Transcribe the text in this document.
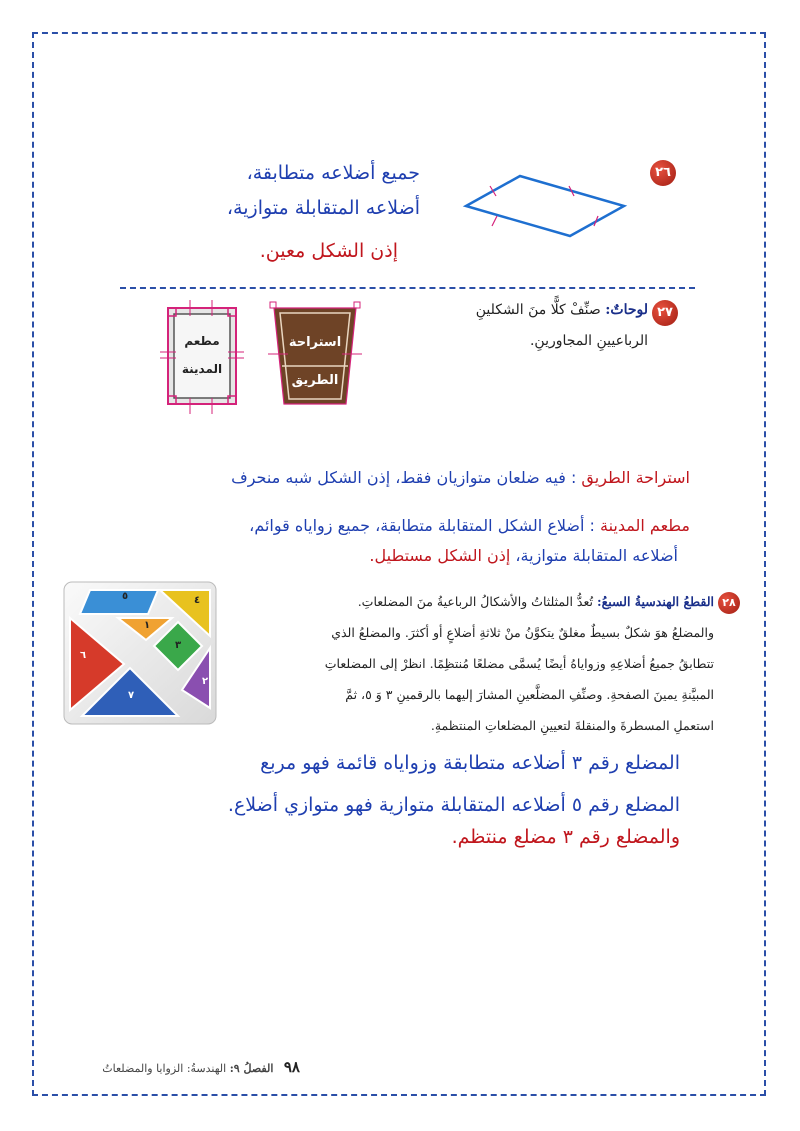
٢٦
جميع أضلاعه متطابقة،
أضلاعه المتقابلة متوازية،
إذن الشكل معين.
٢٧
لوحاتٌ: صنِّفْ كلًّا منَ الشكلينِ
الرباعيينِ المجاورينِ.
استراحة
الطريق
مطعم
المدينة
استراحة الطريق : فيه ضلعان متوازيان فقط، إذن الشكل شبه منحرف
مطعم المدينة : أضلاع الشكل المتقابلة متطابقة، جميع زواياه قوائم،
أضلاعه المتقابلة متوازية، إذن الشكل مستطيل.
٢٨
٥	٤
١
٣
٢
٦
٧
القطعُ الهندسيةُ السبعُ: تُعدُّ المثلثاتُ والأشكالُ الرباعيةُ منَ المضلعاتِ.
والمضلعُ هوَ شكلٌ بسيطٌ مغلقٌ يتكوَّنُ منْ ثلاثةِ أضلاعٍ أو أكثرَ. والمضلعُ الذي
تتطابقُ جميعُ أضلاعِهِ وزواياهُ أيضًا يُسمَّى مضلعًا مُنتظِمًا. انظرْ إلى المضلعاتِ
المبيَّنةِ يمينَ الصفحةِ. وصنِّفِ المضلَّعينِ المشارَ إليهما بالرقمينِ ٣ وَ ٥، ثمَّ
استعملِ المسطرةَ والمنقلةَ لتعيينِ المضلعاتِ المنتظمةِ.
المضلع رقم ٣ أضلاعه متطابقة وزواياه قائمة فهو مربع
المضلع رقم ٥ أضلاعه المتقابلة متوازية فهو متوازي أضلاع.
والمضلع رقم ٣ مضلع منتظم.
٩٨   الفصلُ ٩: الهندسةُ: الزوايا والمضلعاتُ
